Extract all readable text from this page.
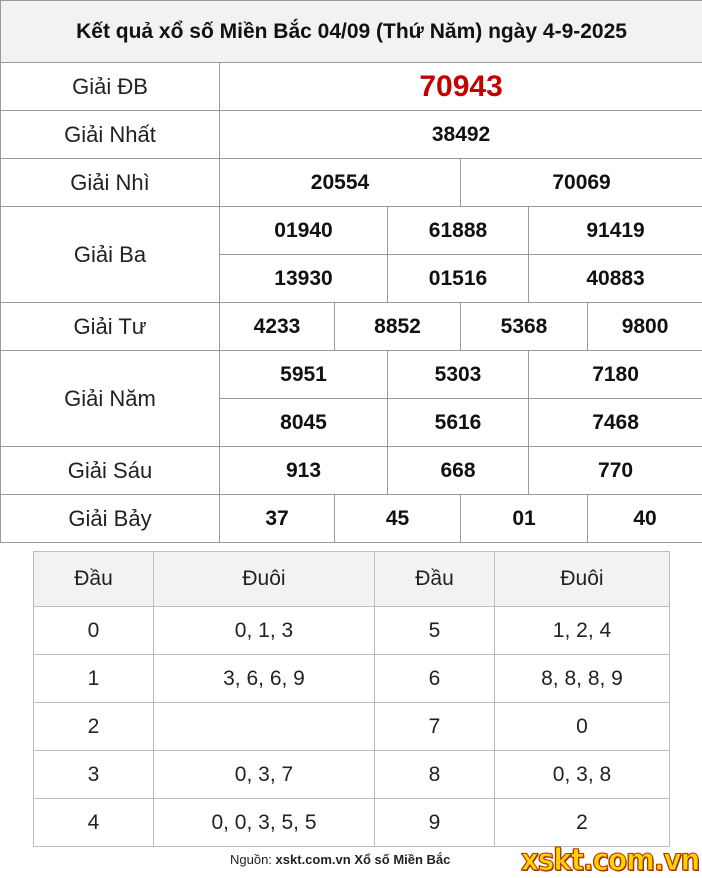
Kết quả xổ số Miền Bắc 04/09 (Thứ Năm) ngày 4-9-2025						
Giải ĐB	70943					
Giải Nhất	38492					
Giải Nhì	20554			70069		
Giải Ba	01940		61888		91419	
	13930		01516		40883	
Giải Tư	4233	8852		5368		9800
Giải Năm	5951		5303		7180	
	8045		5616		7468	
Giải Sáu	913		668		770	
Giải Bảy	37	45		01		40
Đầu	Đuôi	Đầu	Đuôi
0	0, 1, 3	5	1, 2, 4
1	3, 6, 6, 9	6	8, 8, 8, 9
2		7	0
3	0, 3, 7	8	0, 3, 8
4	0, 0, 3, 5, 5	9	2
Nguồn: xskt.com.vn Xổ số Miền Bắc xskt.com.vn
